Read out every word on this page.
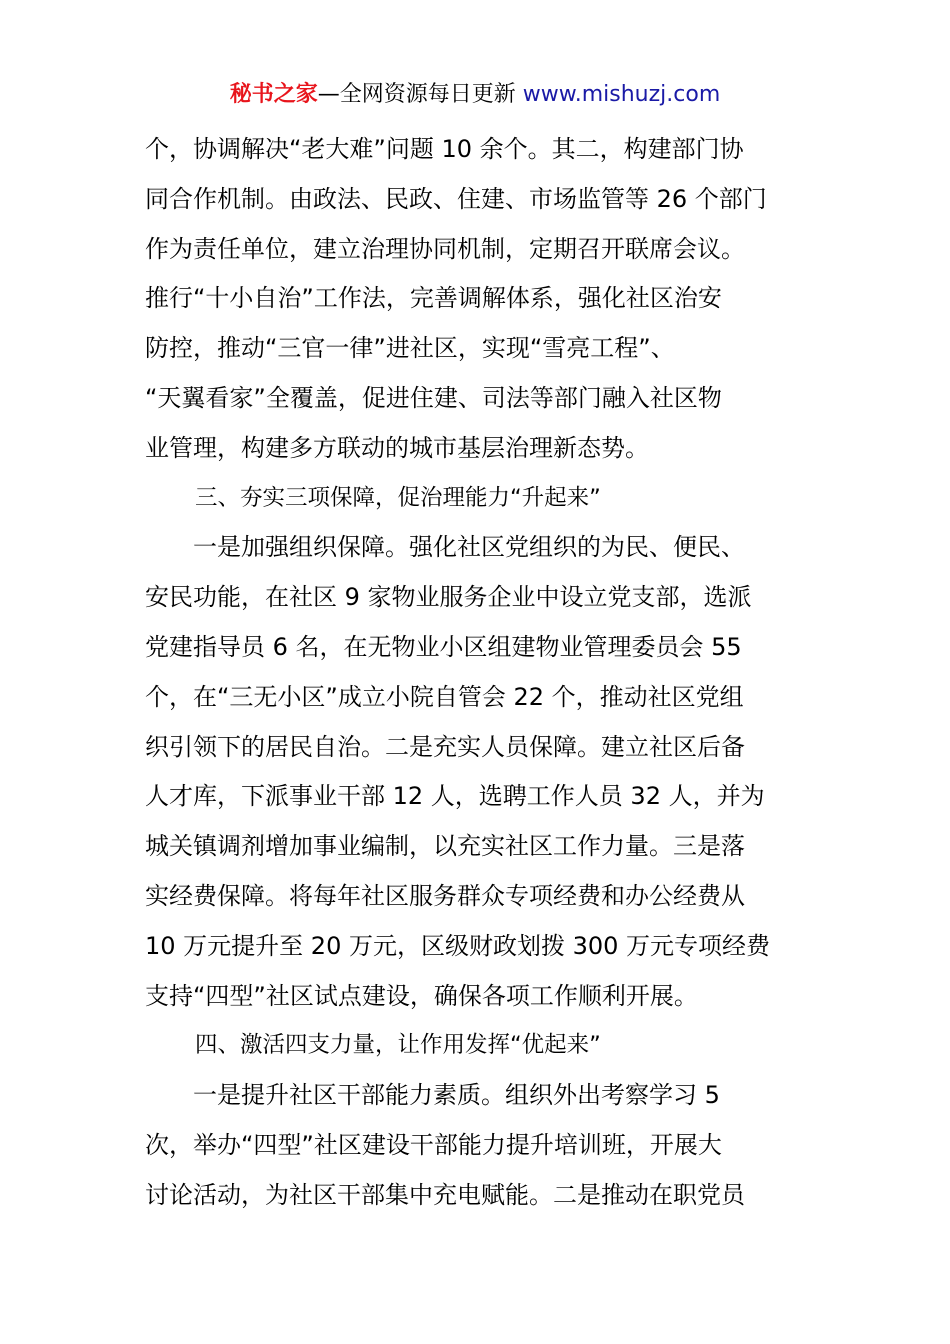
秘书之家—全网资源每日更新 www.mishuzj.com
个，协调解决“老大难”问题 10 余个。其二，构建部门协
同合作机制。由政法、民政、住建、市场监管等 26 个部门
作为责任单位，建立治理协同机制，定期召开联席会议。
推行“十小自治”工作法，完善调解体系，强化社区治安
防控，推动“三官一律”进社区，实现“雪亮工程”、
“天翼看家”全覆盖，促进住建、司法等部门融入社区物
业管理，构建多方联动的城市基层治理新态势。
三、夯实三项保障，促治理能力“升起来”
一是加强组织保障。强化社区党组织的为民、便民、
安民功能，在社区 9 家物业服务企业中设立党支部，选派
党建指导员 6 名，在无物业小区组建物业管理委员会 55
个，在“三无小区”成立小院自管会 22 个，推动社区党组
织引领下的居民自治。二是充实人员保障。建立社区后备
人才库，下派事业干部 12 人，选聘工作人员 32 人，并为
城关镇调剂增加事业编制，以充实社区工作力量。三是落
实经费保障。将每年社区服务群众专项经费和办公经费从
10 万元提升至 20 万元，区级财政划拨 300 万元专项经费
支持“四型”社区试点建设，确保各项工作顺利开展。
四、激活四支力量，让作用发挥“优起来”
一是提升社区干部能力素质。组织外出考察学习 5
次，举办“四型”社区建设干部能力提升培训班，开展大
讨论活动，为社区干部集中充电赋能。二是推动在职党员
